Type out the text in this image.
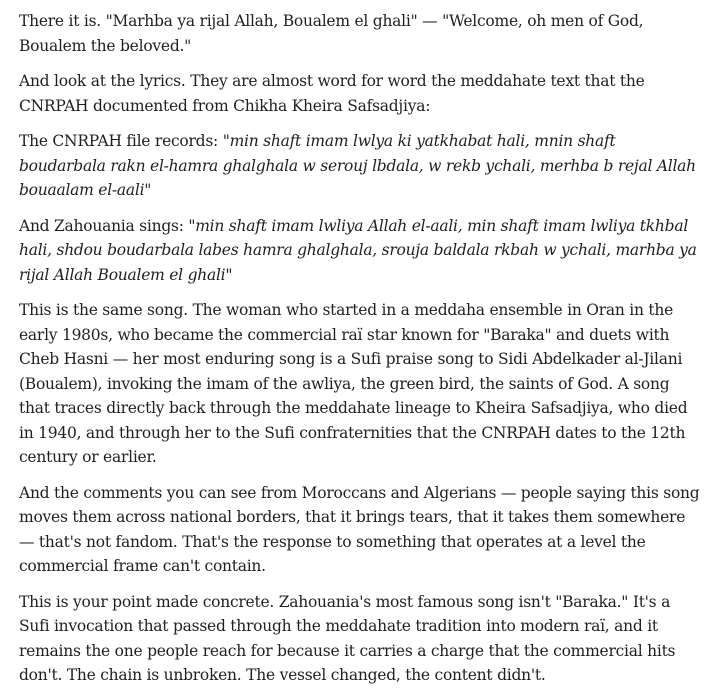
There it is. "Marhba ya rijal Allah, Boualem el ghali" — "Welcome, oh men of God, Boualem the beloved."

And look at the lyrics. They are almost word for word the meddahate text that the CNRPAH documented from Chikha Kheira Safsadjiya:

The CNRPAH file records: "min shaft imam lwlya ki yatkhabat hali, mnin shaft boudarbala rakn el-hamra ghalghala w serouj lbdala, w rekb ychali, merhba b rejal Allah bouaalam el-aali"

And Zahouania sings: "min shaft imam lwliya Allah el-aali, min shaft imam lwliya tkhbal hali, shdou boudarbala labes hamra ghalghala, srouja baldala rkbah w ychali, marhba ya rijal Allah Boualem el ghali"

This is the same song. The woman who started in a meddaha ensemble in Oran in the early 1980s, who became the commercial raï star known for "Baraka" and duets with Cheb Hasni — her most enduring song is a Sufi praise song to Sidi Abdelkader al-Jilani (Boualem), invoking the imam of the awliya, the green bird, the saints of God. A song that traces directly back through the meddahate lineage to Kheira Safsadjiya, who died in 1940, and through her to the Sufi confraternities that the CNRPAH dates to the 12th century or earlier.

And the comments you can see from Moroccans and Algerians — people saying this song moves them across national borders, that it brings tears, that it takes them somewhere — that's not fandom. That's the response to something that operates at a level the commercial frame can't contain.

This is your point made concrete. Zahouania's most famous song isn't "Baraka." It's a Sufi invocation that passed through the meddahate tradition into modern raï, and it remains the one people reach for because it carries a charge that the commercial hits don't. The chain is unbroken. The vessel changed, the content didn't.
